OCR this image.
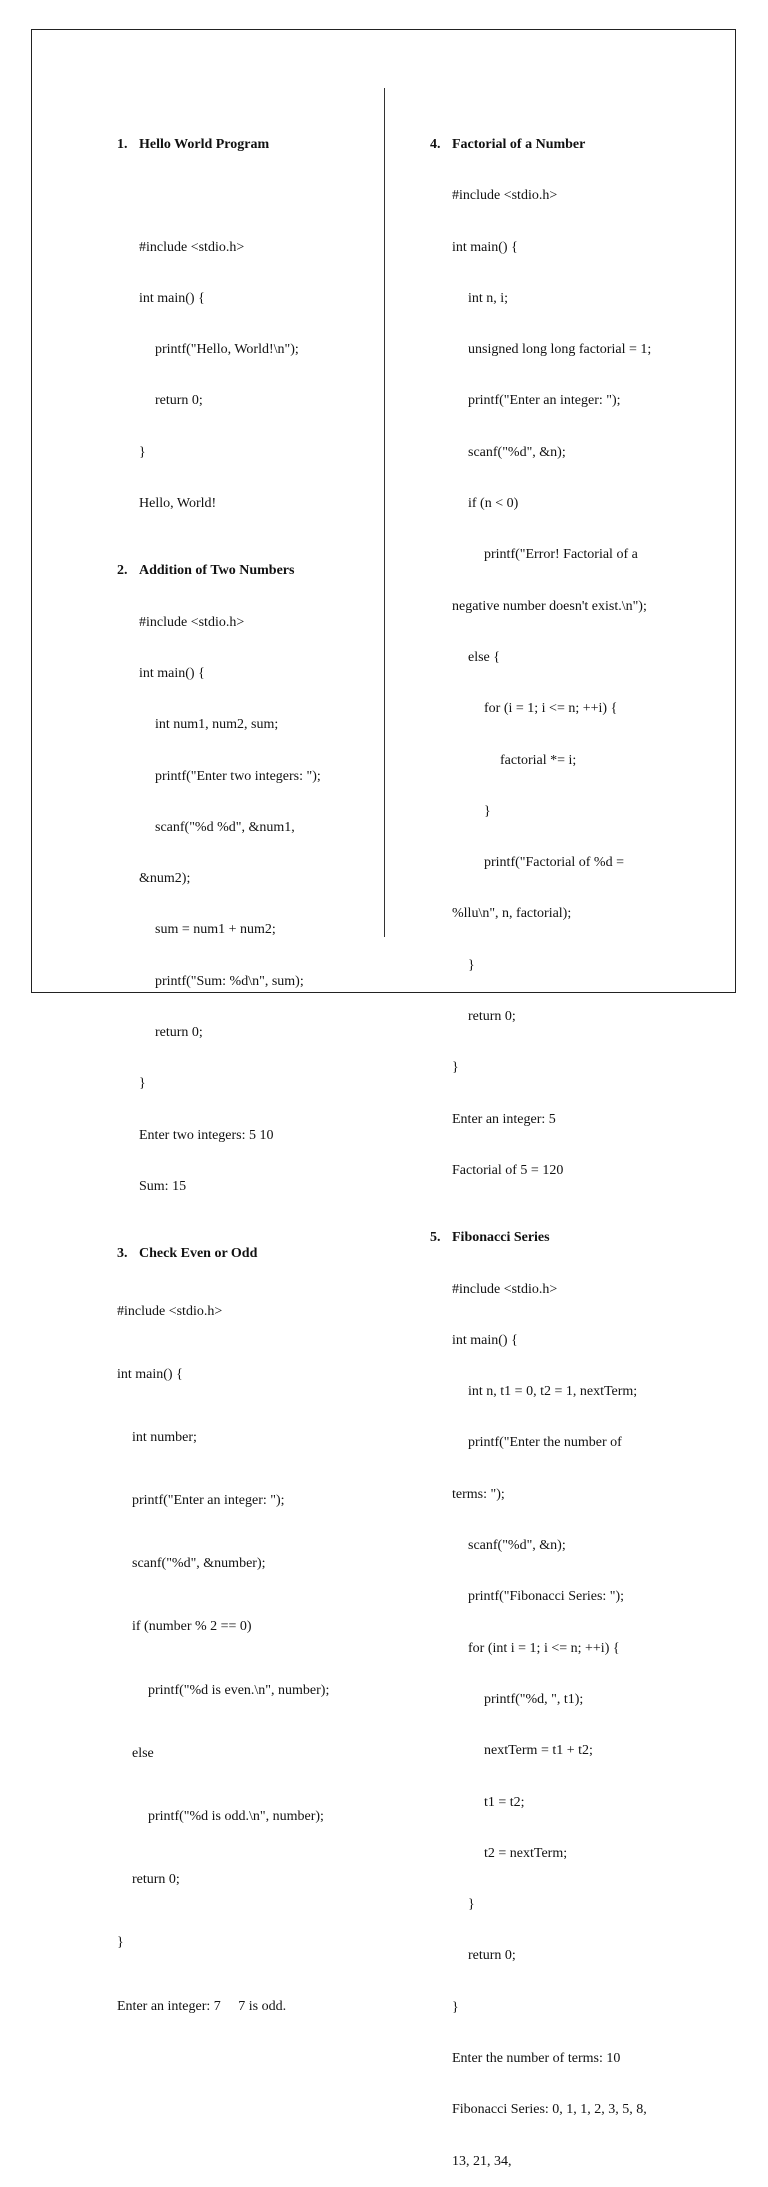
1. Hello World Program

#include <stdio.h>

int main() {

printf("Hello, World!\n");

return 0;

}

Hello, World!

2. Addition of Two Numbers

#include <stdio.h>

int main() {

int num1, num2, sum;

printf("Enter two integers: ");

scanf("%d %d", &num1,

&num2);

sum = num1 + num2;

printf("Sum: %d\n", sum);

return 0;

}

Enter two integers: 5 10

Sum: 15

3. Check Even or Odd

#include <stdio.h>

int main() {

int number;

printf("Enter an integer: ");

scanf("%d", &number);

if (number % 2 == 0)

printf("%d is even.\n", number);

else

printf("%d is odd.\n", number);

return 0;

}

Enter an integer: 7     7 is odd.

4. Factorial of a Number

#include <stdio.h>

int main() {

int n, i;

unsigned long long factorial = 1;

printf("Enter an integer: ");

scanf("%d", &n);

if (n < 0)

printf("Error! Factorial of a

negative number doesn't exist.\n");

else {

for (i = 1; i <= n; ++i) {

factorial *= i;

}

printf("Factorial of %d =

%llu\n", n, factorial);

}

return 0;

}

Enter an integer: 5

Factorial of 5 = 120

5. Fibonacci Series

#include <stdio.h>

int main() {

int n, t1 = 0, t2 = 1, nextTerm;

printf("Enter the number of

terms: ");

scanf("%d", &n);

printf("Fibonacci Series: ");

for (int i = 1; i <= n; ++i) {

printf("%d, ", t1);

nextTerm = t1 + t2;

t1 = t2;

t2 = nextTerm;

}

return 0;

}

Enter the number of terms: 10

Fibonacci Series: 0, 1, 1, 2, 3, 5, 8,

13, 21, 34,
